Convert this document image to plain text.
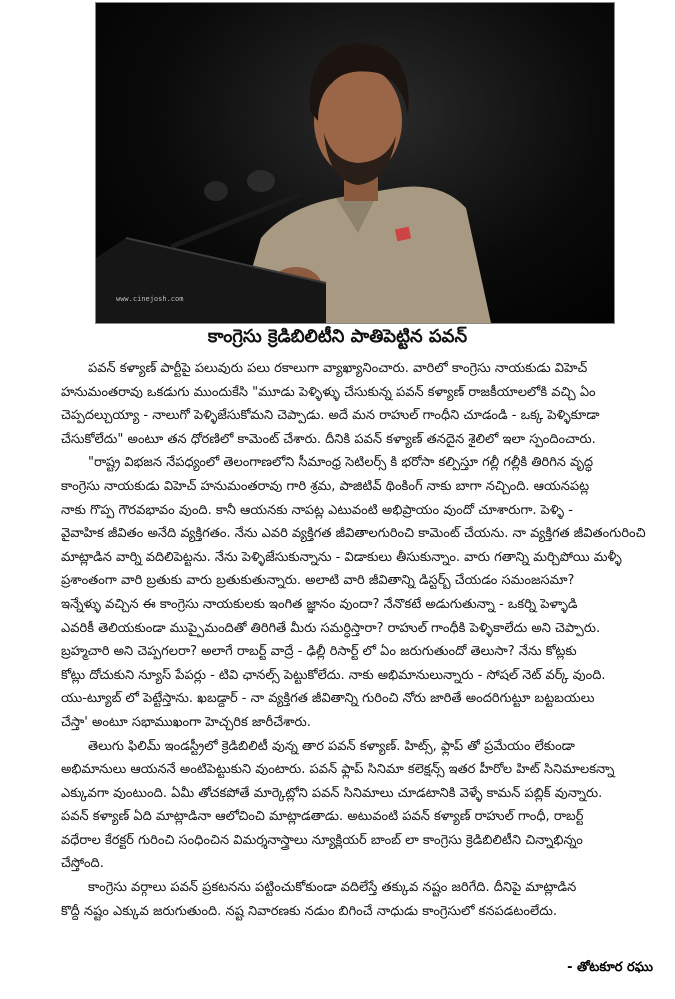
www.cinejosh.com
కాంగ్రెసు క్రెడిబిలిటీని పాతిపెట్టిన పవన్
పవన్ కళ్యాణ్ పార్టీపై పలువురు పలు రకాలుగా వ్యాఖ్యానించారు. వారిలో కాంగ్రెసు నాయకుడు విహెచ్
హనుమంతరావు ఒకడుగు ముందుకేసి "మూడు పెళ్ళిళ్ళు చేసుకున్న పవన్ కళ్యాణ్ రాజకీయాలలోకి వచ్చి ఏం
చెప్పదల్చుయ్యా - నాలుగో పెళ్ళిజేసుకోమని చెప్పాడు. అదే మన రాహుల్ గాంధీని చూడండి - ఒక్క పెళ్ళికూడా
చేసుకోలేదు" అంటూ తన ధోరణిలో కామెంట్ చేశారు. దీనికి పవన్ కళ్యాణ్ తనదైన శైలిలో ఇలా స్పందించారు.
"రాష్ట్ర విభజన నేపధ్యంలో తెలంగాణలోని సీమాంధ్ర సెటిలర్స్ కి భరోసా కల్పిస్తూ గల్లీ గల్లీకి తిరిగిన వృద్ధ
కాంగ్రెసు నాయకుడు విహెచ్ హనుమంతరావు గారి శ్రమ, పాజిటివ్ థింకింగ్ నాకు బాగా నచ్చింది. ఆయనపట్ల
నాకు గొప్ప గౌరవభావం వుంది. కానీ ఆయనకు నాపట్ల ఎటువంటి అభిప్రాయం వుందో చూశారుగా. పెళ్ళి -
వైవాహిక జీవితం అనేది వ్యక్తిగతం. నేను ఎవరి వ్యక్తిగత జీవితాలగురించి కామెంట్ చేయను. నా వ్యక్తిగత జీవితంగురించి
మాట్లాడిన వార్ని వదిలిపెట్టను. నేను పెళ్ళిజేసుకున్నాను - విడాకులు తీసుకున్నాం. వారు గతాన్ని మర్చిపోయి మళ్ళీ
ప్రశాంతంగా వారి బ్రతుకు వారు బ్రతుకుతున్నారు. అలాటి వారి జీవితాన్ని డిస్టర్బ్ చేయడం సమంజసమా?
ఇన్నేళ్ళు వచ్చిన ఈ కాంగ్రెసు నాయకులకు ఇంగిత జ్ఞానం వుందా? నేనొకటే అడుగుతున్నా - ఒకర్ని పెళ్ళాడి
ఎవరికీ తెలియకుండా ముప్పైమందితో తిరిగితే మీరు సమర్ధిస్తారా? రాహుల్ గాంధీకి పెళ్ళికాలేదు అని చెప్పారు.
బ్రహ్మచారి అని చెప్పగలరా? అలాగే రాబర్ట్ వాద్రే - ఢిల్లీ రిసార్ట్ లో ఏం జరుగుతుందో తెలుసా? నేను కోట్లకు
కోట్లు దోచుకుని న్యూస్ పేపర్లు - టివి ఛానల్స్ పెట్టుకోలేదు. నాకు అభిమానులున్నారు - సోషల్ నెట్ వర్క్ వుంది.
యు-ట్యూబ్ లో పెట్టేస్తాను. ఖబడ్దార్ - నా వ్యక్తిగత జీవితాన్ని గురించి నోరు జారితే అందరిగుట్టూ బట్టబయలు
చేస్తా' అంటూ సభాముఖంగా హెచ్చరిక జారీచేశారు.
తెలుగు ఫిలిమ్ ఇండస్ట్రీలో క్రెడిబిలిటీ వున్న తార పవన్ కళ్యాణ్. హిట్స్, ఫ్లాప్ తో ప్రమేయం లేకుండా
అభిమానులు ఆయననే అంటిపెట్టుకుని వుంటారు. పవన్ ఫ్లాప్ సినిమా కలెక్షన్స్ ఇతర హీరోల హిట్ సినిమాలకన్నా
ఎక్కువగా వుంటుంది. ఏమీ తోచకపోతే మార్కెట్లోని పవన్ సినిమాలు చూడటానికి వెళ్ళే కామన్ పబ్లిక్ వున్నారు.
పవన్ కళ్యాణ్ ఏది మాట్లాడినా ఆలోచించి మాట్లాడతాడు. అటువంటి పవన్ కళ్యాణ్ రాహుల్ గాంధీ, రాబర్ట్
వధేరాల కేరక్టర్ గురించి సంధించిన విమర్శనాస్త్రాలు న్యూక్లియర్ బాంబ్ లా కాంగ్రెసు క్రెడిబిలిటీని చిన్నాభిన్నం
చేస్తోంది.
కాంగ్రెసు వర్గాలు పవన్ ప్రకటనను పట్టించుకోకుండా వదిలేస్తే తక్కువ నష్టం జరిగేది. దీనిపై మాట్లాడిన
కొద్దీ నష్టం ఎక్కువ జరుగుతుంది. నష్ట నివారణకు నడుం బిగించే నాధుడు కాంగ్రెసులో కనపడటంలేదు.
- తోటకూర రఘు
